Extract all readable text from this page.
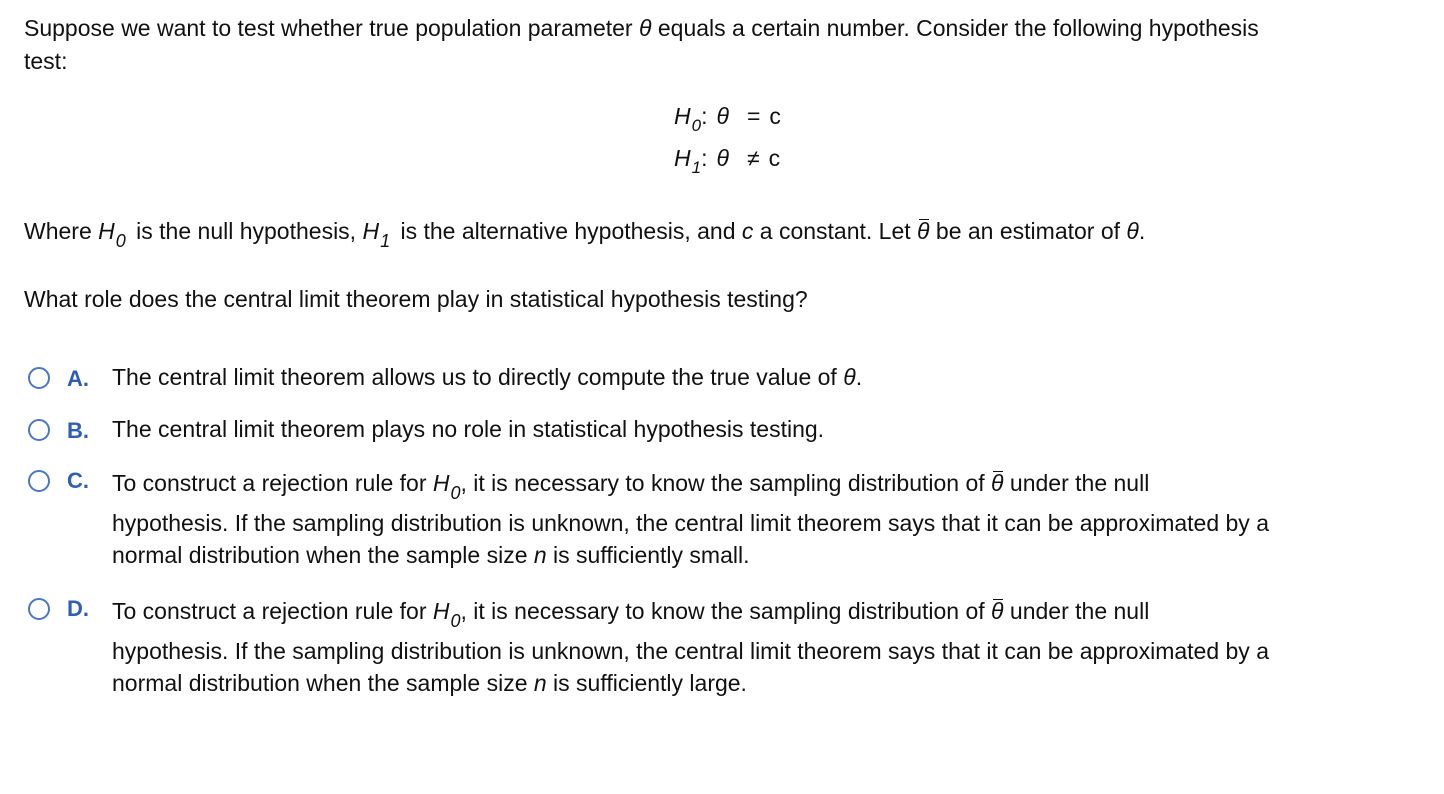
Suppose we want to test whether true population parameter θ equals a certain number. Consider the following hypothesis
test:
$H_0$: θ = c
$H_1$: θ ≠ c
Where $H_0$ is the null hypothesis, $H_1$ is the alternative hypothesis, and c a constant. Let θ be an estimator of θ.
What role does the central limit theorem play in statistical hypothesis testing?
A. The central limit theorem allows us to directly compute the true value of θ.
B. The central limit theorem plays no role in statistical hypothesis testing.
C. To construct a rejection rule for $H_0$, it is necessary to know the sampling distribution of θ under the null
hypothesis. If the sampling distribution is unknown, the central limit theorem says that it can be approximated by a
normal distribution when the sample size n is sufficiently small.
D. To construct a rejection rule for $H_0$, it is necessary to know the sampling distribution of θ under the null
hypothesis. If the sampling distribution is unknown, the central limit theorem says that it can be approximated by a
normal distribution when the sample size n is sufficiently large.
